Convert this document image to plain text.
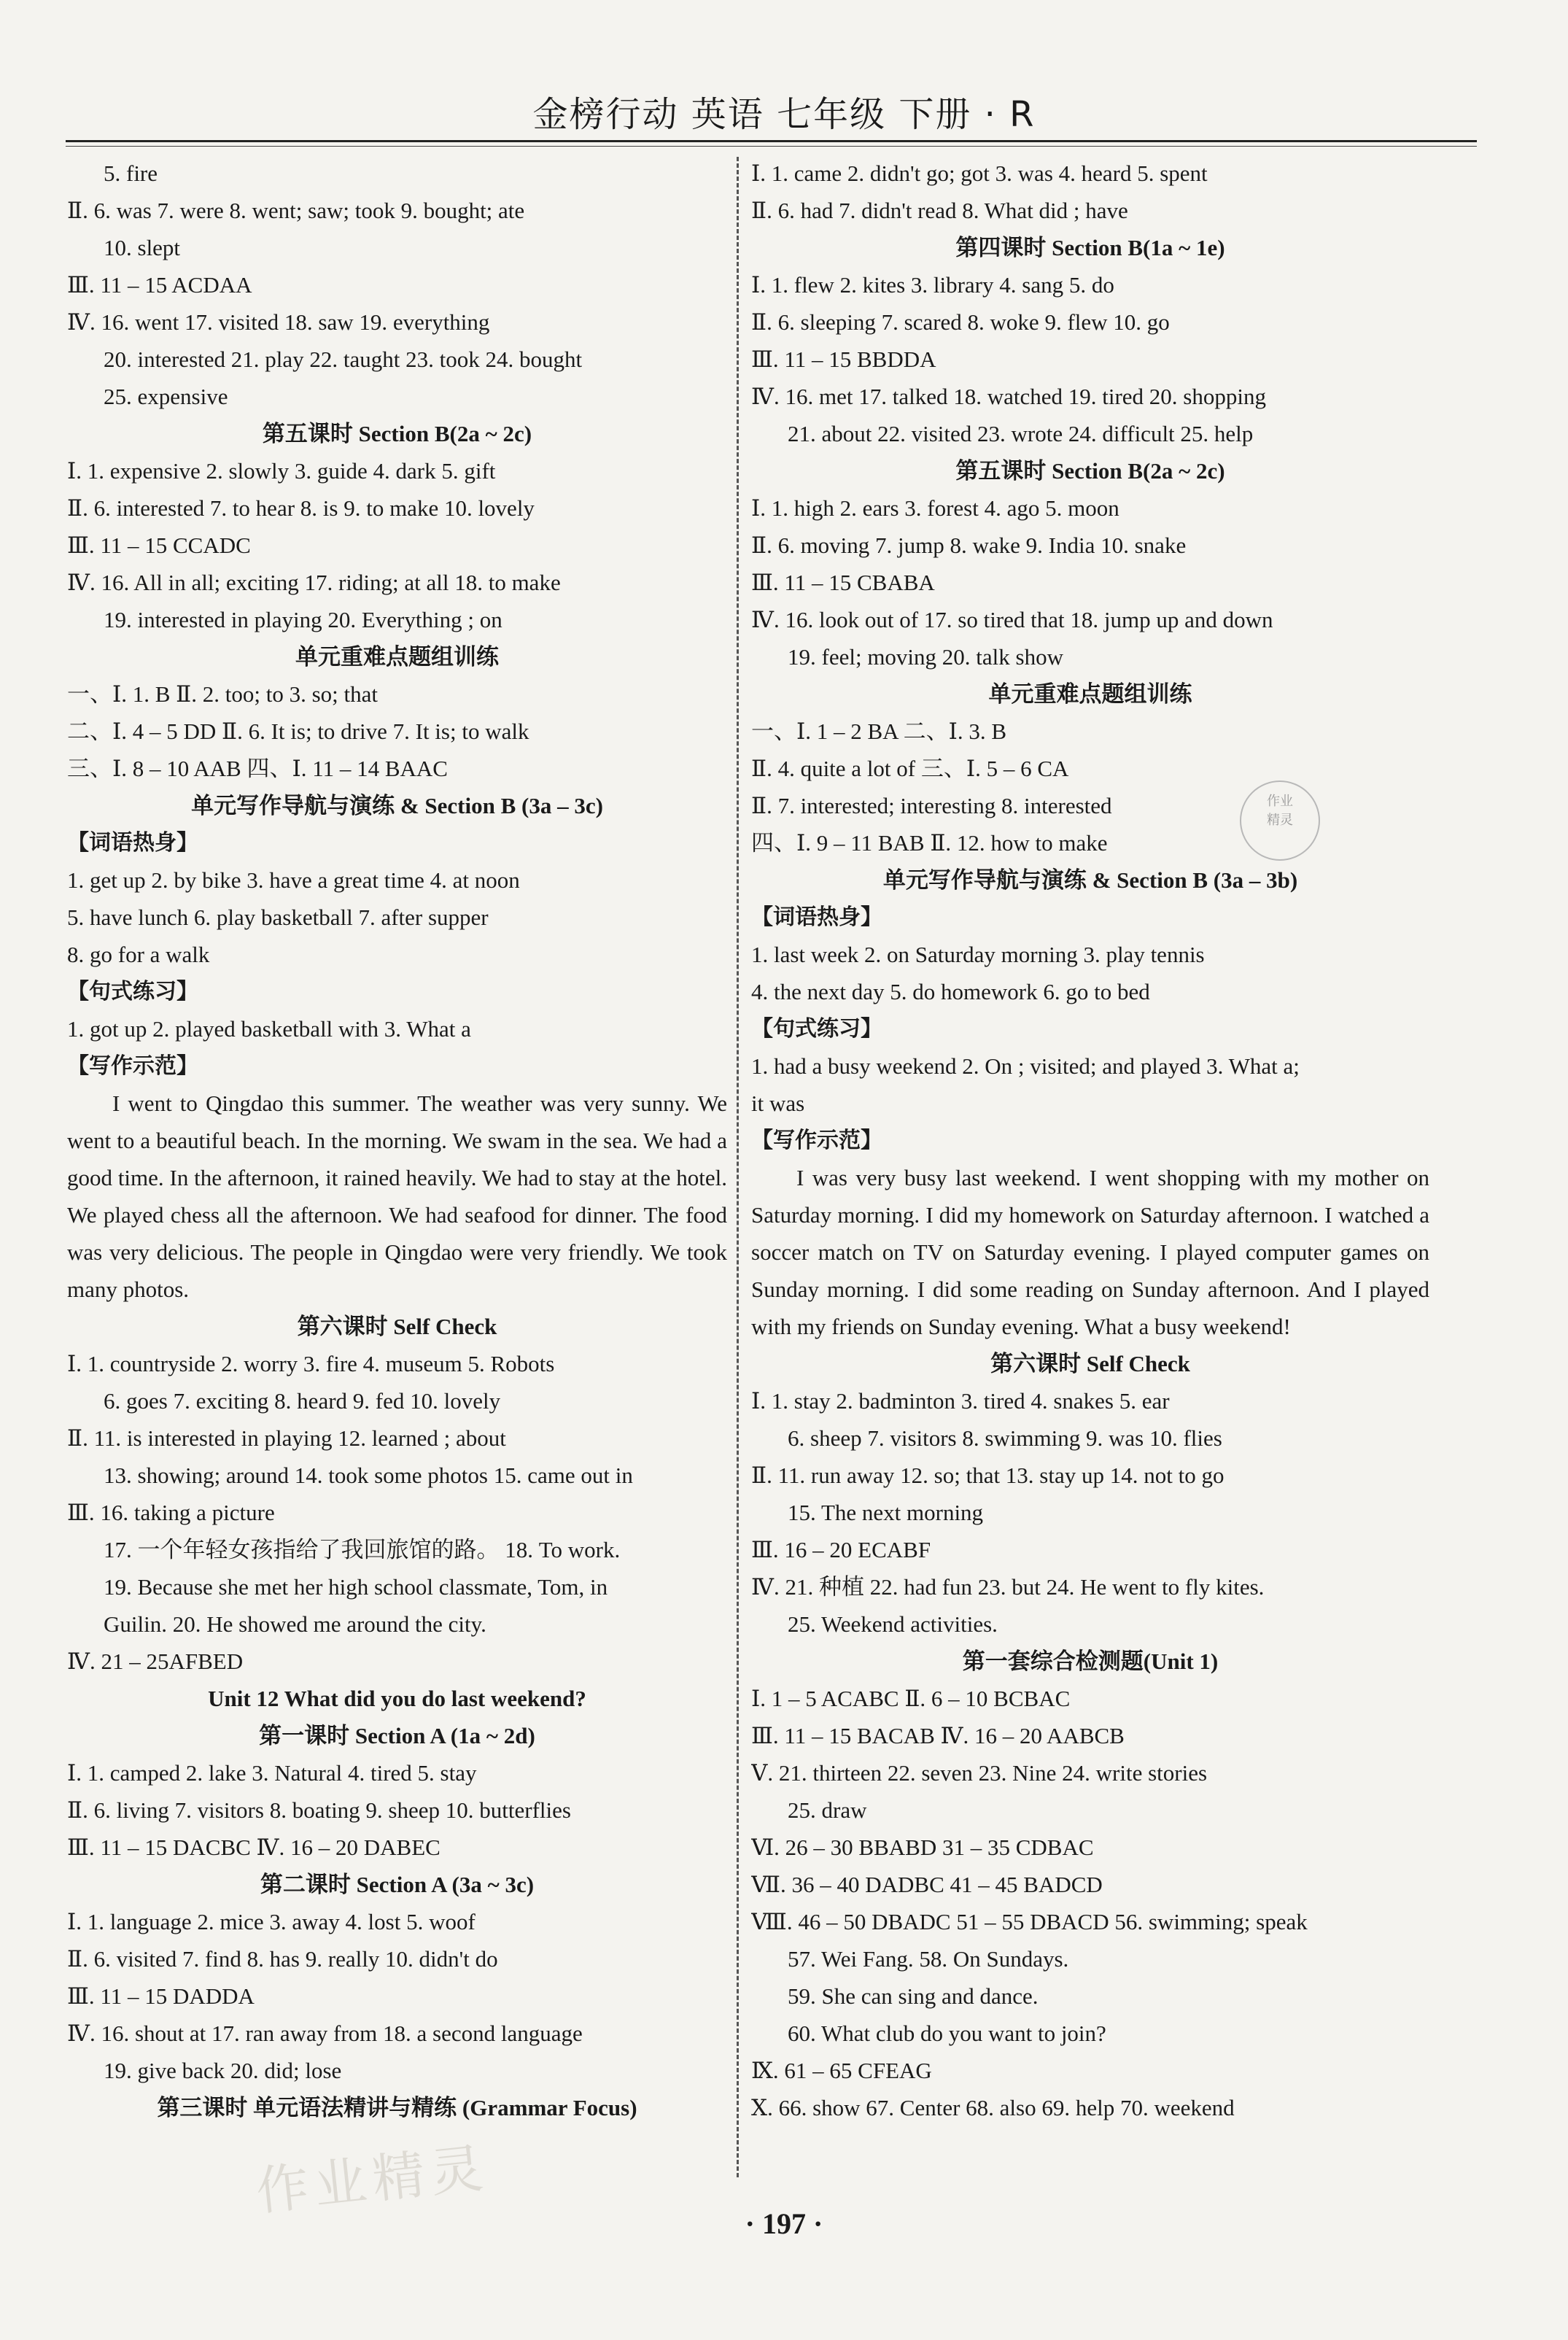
金榜行动 英语 七年级 下册 · R
5. fire
Ⅱ. 6. was 7. were 8. went; saw; took 9. bought; ate
10. slept
Ⅲ. 11 – 15 ACDAA
Ⅳ. 16. went 17. visited 18. saw 19. everything
20. interested 21. play 22. taught 23. took 24. bought
25. expensive
第五课时 Section B(2a ~ 2c)
Ⅰ. 1. expensive 2. slowly 3. guide 4. dark 5. gift
Ⅱ. 6. interested 7. to hear 8. is 9. to make 10. lovely
Ⅲ. 11 – 15 CCADC
Ⅳ. 16. All in all; exciting 17. riding; at all 18. to make
19. interested in playing 20. Everything ; on
单元重难点题组训练
一、Ⅰ. 1. B Ⅱ. 2. too; to 3. so; that
二、Ⅰ. 4 – 5 DD Ⅱ. 6. It is; to drive 7. It is; to walk
三、Ⅰ. 8 – 10 AAB 四、Ⅰ. 11 – 14 BAAC
单元写作导航与演练 & Section B (3a – 3c)
【词语热身】
1. get up 2. by bike 3. have a great time 4. at noon
5. have lunch 6. play basketball 7. after supper
8. go for a walk
【句式练习】
1. got up 2. played basketball with 3. What a
【写作示范】
I went to Qingdao this summer. The weather was very sunny. We went to a beautiful beach. In the morning. We swam in the sea. We had a good time. In the afternoon, it rained heavily. We had to stay at the hotel. We played chess all the afternoon. We had seafood for dinner. The food was very delicious. The people in Qingdao were very friendly. We took many photos.
第六课时 Self Check
Ⅰ. 1. countryside 2. worry 3. fire 4. museum 5. Robots
6. goes 7. exciting 8. heard 9. fed 10. lovely
Ⅱ. 11. is interested in playing 12. learned ; about
13. showing; around 14. took some photos 15. came out in
Ⅲ. 16. taking a picture
17. 一个年轻女孩指给了我回旅馆的路。 18. To work.
19. Because she met her high school classmate, Tom, in
Guilin. 20. He showed me around the city.
Ⅳ. 21 – 25AFBED
Unit 12 What did you do last weekend?
第一课时 Section A (1a ~ 2d)
Ⅰ. 1. camped 2. lake 3. Natural 4. tired 5. stay
Ⅱ. 6. living 7. visitors 8. boating 9. sheep 10. butterflies
Ⅲ. 11 – 15 DACBC Ⅳ. 16 – 20 DABEC
第二课时 Section A (3a ~ 3c)
Ⅰ. 1. language 2. mice 3. away 4. lost 5. woof
Ⅱ. 6. visited 7. find 8. has 9. really 10. didn't do
Ⅲ. 11 – 15 DADDA
Ⅳ. 16. shout at 17. ran away from 18. a second language
19. give back 20. did; lose
第三课时 单元语法精讲与精练 (Grammar Focus)
Ⅰ. 1. came 2. didn't go; got 3. was 4. heard 5. spent
Ⅱ. 6. had 7. didn't read 8. What did ; have
第四课时 Section B(1a ~ 1e)
Ⅰ. 1. flew 2. kites 3. library 4. sang 5. do
Ⅱ. 6. sleeping 7. scared 8. woke 9. flew 10. go
Ⅲ. 11 – 15 BBDDA
Ⅳ. 16. met 17. talked 18. watched 19. tired 20. shopping
21. about 22. visited 23. wrote 24. difficult 25. help
第五课时 Section B(2a ~ 2c)
Ⅰ. 1. high 2. ears 3. forest 4. ago 5. moon
Ⅱ. 6. moving 7. jump 8. wake 9. India 10. snake
Ⅲ. 11 – 15 CBABA
Ⅳ. 16. look out of 17. so tired that 18. jump up and down
19. feel; moving 20. talk show
单元重难点题组训练
一、Ⅰ. 1 – 2 BA 二、Ⅰ. 3. B
Ⅱ. 4. quite a lot of 三、Ⅰ. 5 – 6 CA
Ⅱ. 7. interested; interesting 8. interested
四、Ⅰ. 9 – 11 BAB Ⅱ. 12. how to make
单元写作导航与演练 & Section B (3a – 3b)
【词语热身】
1. last week 2. on Saturday morning 3. play tennis
4. the next day 5. do homework 6. go to bed
【句式练习】
1. had a busy weekend 2. On ; visited; and played 3. What a;
it was
【写作示范】
I was very busy last weekend. I went shopping with my mother on Saturday morning. I did my homework on Saturday afternoon. I watched a soccer match on TV on Saturday evening. I played computer games on Sunday morning. I did some reading on Sunday afternoon. And I played with my friends on Sunday evening. What a busy weekend!
第六课时 Self Check
Ⅰ. 1. stay 2. badminton 3. tired 4. snakes 5. ear
6. sheep 7. visitors 8. swimming 9. was 10. flies
Ⅱ. 11. run away 12. so; that 13. stay up 14. not to go
15. The next morning
Ⅲ. 16 – 20 ECABF
Ⅳ. 21. 种植 22. had fun 23. but 24. He went to fly kites.
25. Weekend activities.
第一套综合检测题(Unit 1)
Ⅰ. 1 – 5 ACABC Ⅱ. 6 – 10 BCBAC
Ⅲ. 11 – 15 BACAB Ⅳ. 16 – 20 AABCB
Ⅴ. 21. thirteen 22. seven 23. Nine 24. write stories
25. draw
Ⅵ. 26 – 30 BBABD 31 – 35 CDBAC
Ⅶ. 36 – 40 DADBC 41 – 45 BADCD
Ⅷ. 46 – 50 DBADC 51 – 55 DBACD 56. swimming; speak
57. Wei Fang. 58. On Sundays.
59. She can sing and dance.
60. What club do you want to join?
Ⅸ. 61 – 65 CFEAG
Ⅹ. 66. show 67. Center 68. also 69. help 70. weekend
作业
精灵
作业精灵
· 197 ·
